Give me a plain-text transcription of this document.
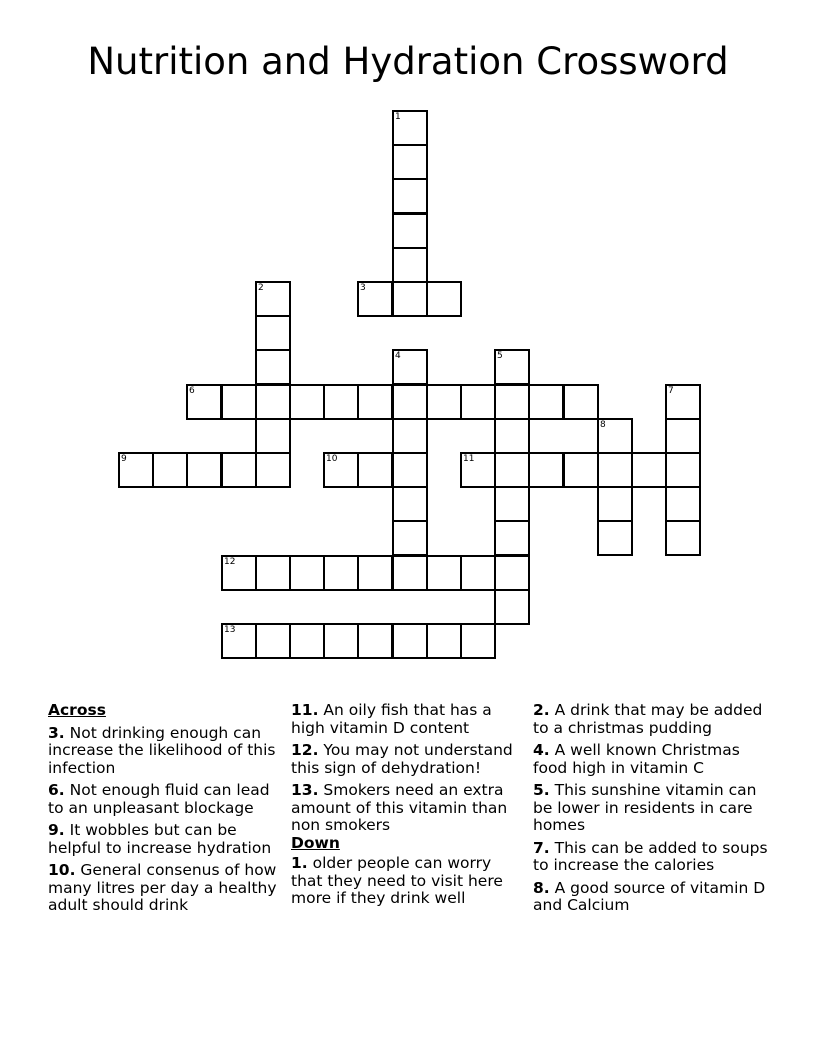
Nutrition and Hydration Crossword
1
2	3
4	5
6	7
8
9	10	11
12
13
Across
3. Not drinking enough can increase the likelihood of this infection
6. Not enough fluid can lead to an unpleasant blockage
9. It wobbles but can be helpful to increase hydration
10. General consenus of how many litres per day a healthy adult should drink
11. An oily fish that has a high vitamin D content
12. You may not understand this sign of dehydration!
13. Smokers need an extra amount of this vitamin than non smokers
Down
1. older people can worry that they need to visit here more if they drink well
2. A drink that may be added to a christmas pudding
4. A well known Christmas food high in vitamin C
5. This sunshine vitamin can be lower in residents in care homes
7. This can be added to soups to increase the calories
8. A good source of vitamin D and Calcium
